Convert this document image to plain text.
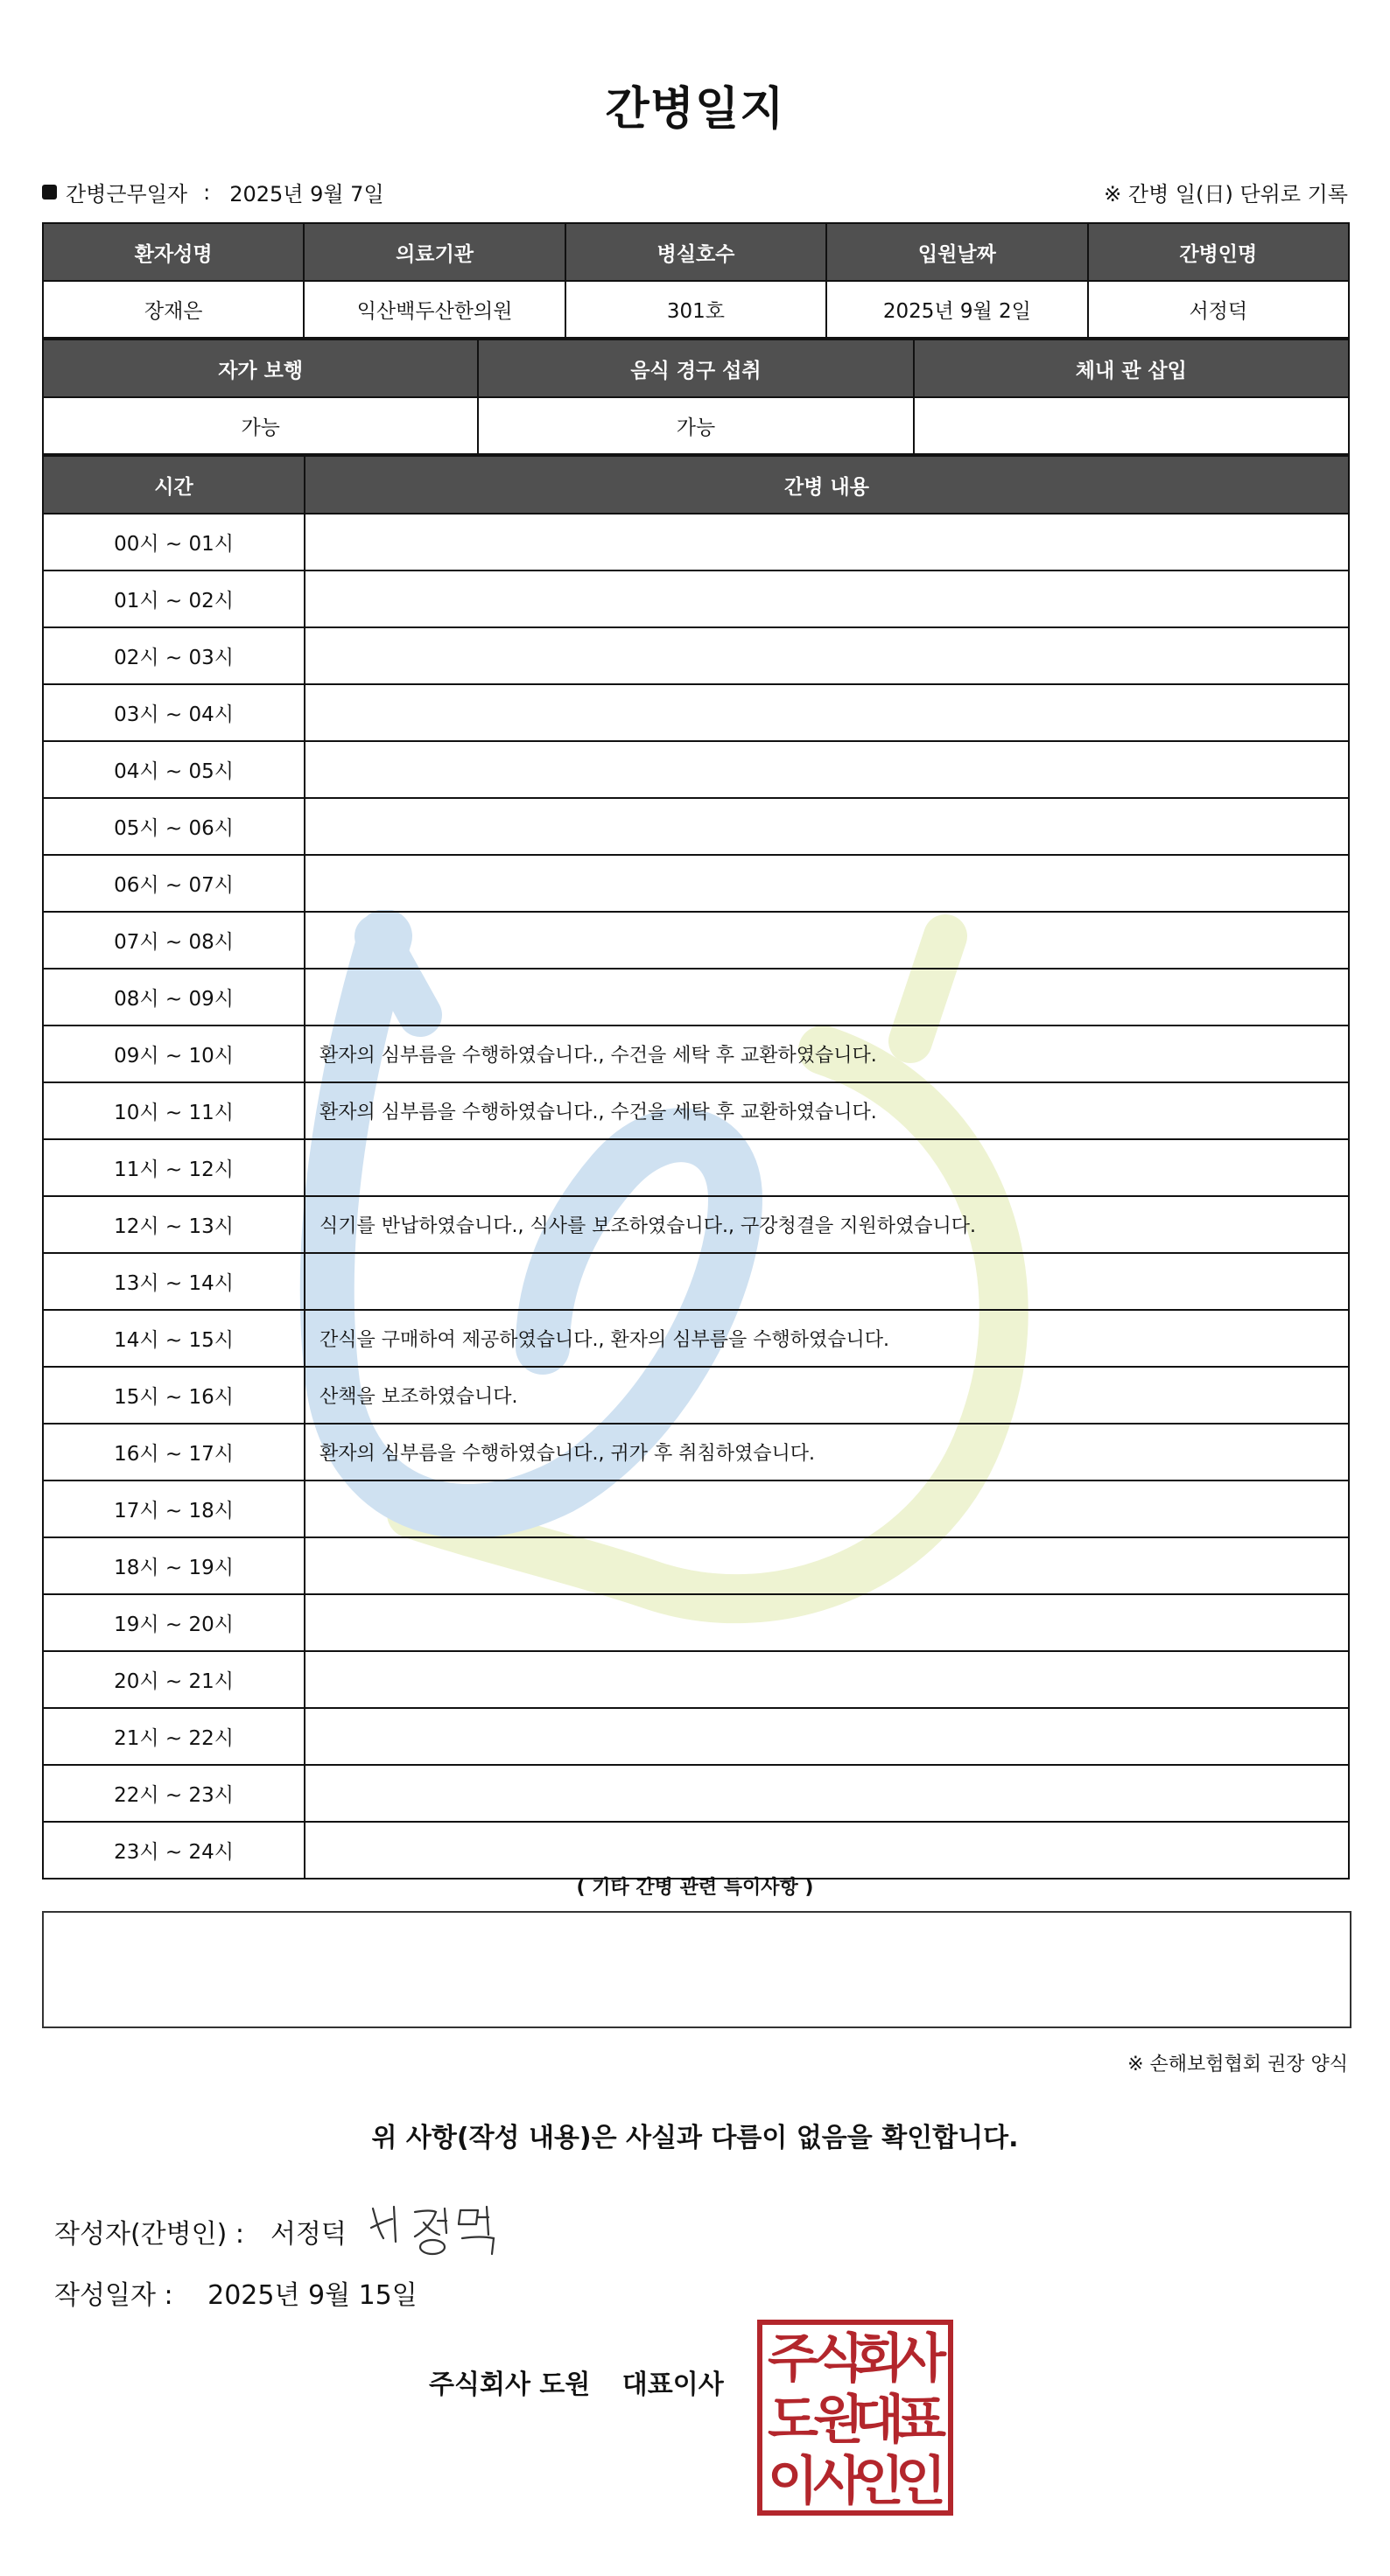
간병일지
간병근무일자 : 2025년 9월 7일	※ 간병 일(日) 단위로 기록
환자성명	의료기관	병실호수	입원날짜	간병인명
장재은	익산백두산한의원	301호	2025년 9월 2일	서정덕
자가 보행	음식 경구 섭취	체내 관 삽입
가능	가능	
시간	간병 내용
00시 ~ 01시	
01시 ~ 02시	
02시 ~ 03시	
03시 ~ 04시	
04시 ~ 05시	
05시 ~ 06시	
06시 ~ 07시	
07시 ~ 08시	
08시 ~ 09시	
09시 ~ 10시	환자의 심부름을 수행하였습니다., 수건을 세탁 후 교환하였습니다.
10시 ~ 11시	환자의 심부름을 수행하였습니다., 수건을 세탁 후 교환하였습니다.
11시 ~ 12시	
12시 ~ 13시	식기를 반납하였습니다., 식사를 보조하였습니다., 구강청결을 지원하였습니다.
13시 ~ 14시	
14시 ~ 15시	간식을 구매하여 제공하였습니다., 환자의 심부름을 수행하였습니다.
15시 ~ 16시	산책을 보조하였습니다.
16시 ~ 17시	환자의 심부름을 수행하였습니다., 귀가 후 취침하였습니다.
17시 ~ 18시	
18시 ~ 19시	
19시 ~ 20시	
20시 ~ 21시	
21시 ~ 22시	
22시 ~ 23시	
23시 ~ 24시	
( 기타 간병 관련 특이사항 )
※ 손해보험협회 권장 양식
위 사항(작성 내용)은 사실과 다름이 없음을 확인합니다.
작성자(간병인) : 서정덕
작성일자 : 2025년 9월 15일
주식회사 도원 대표이사 주
식
회
사
도
원
대
표
이
사
인
인
